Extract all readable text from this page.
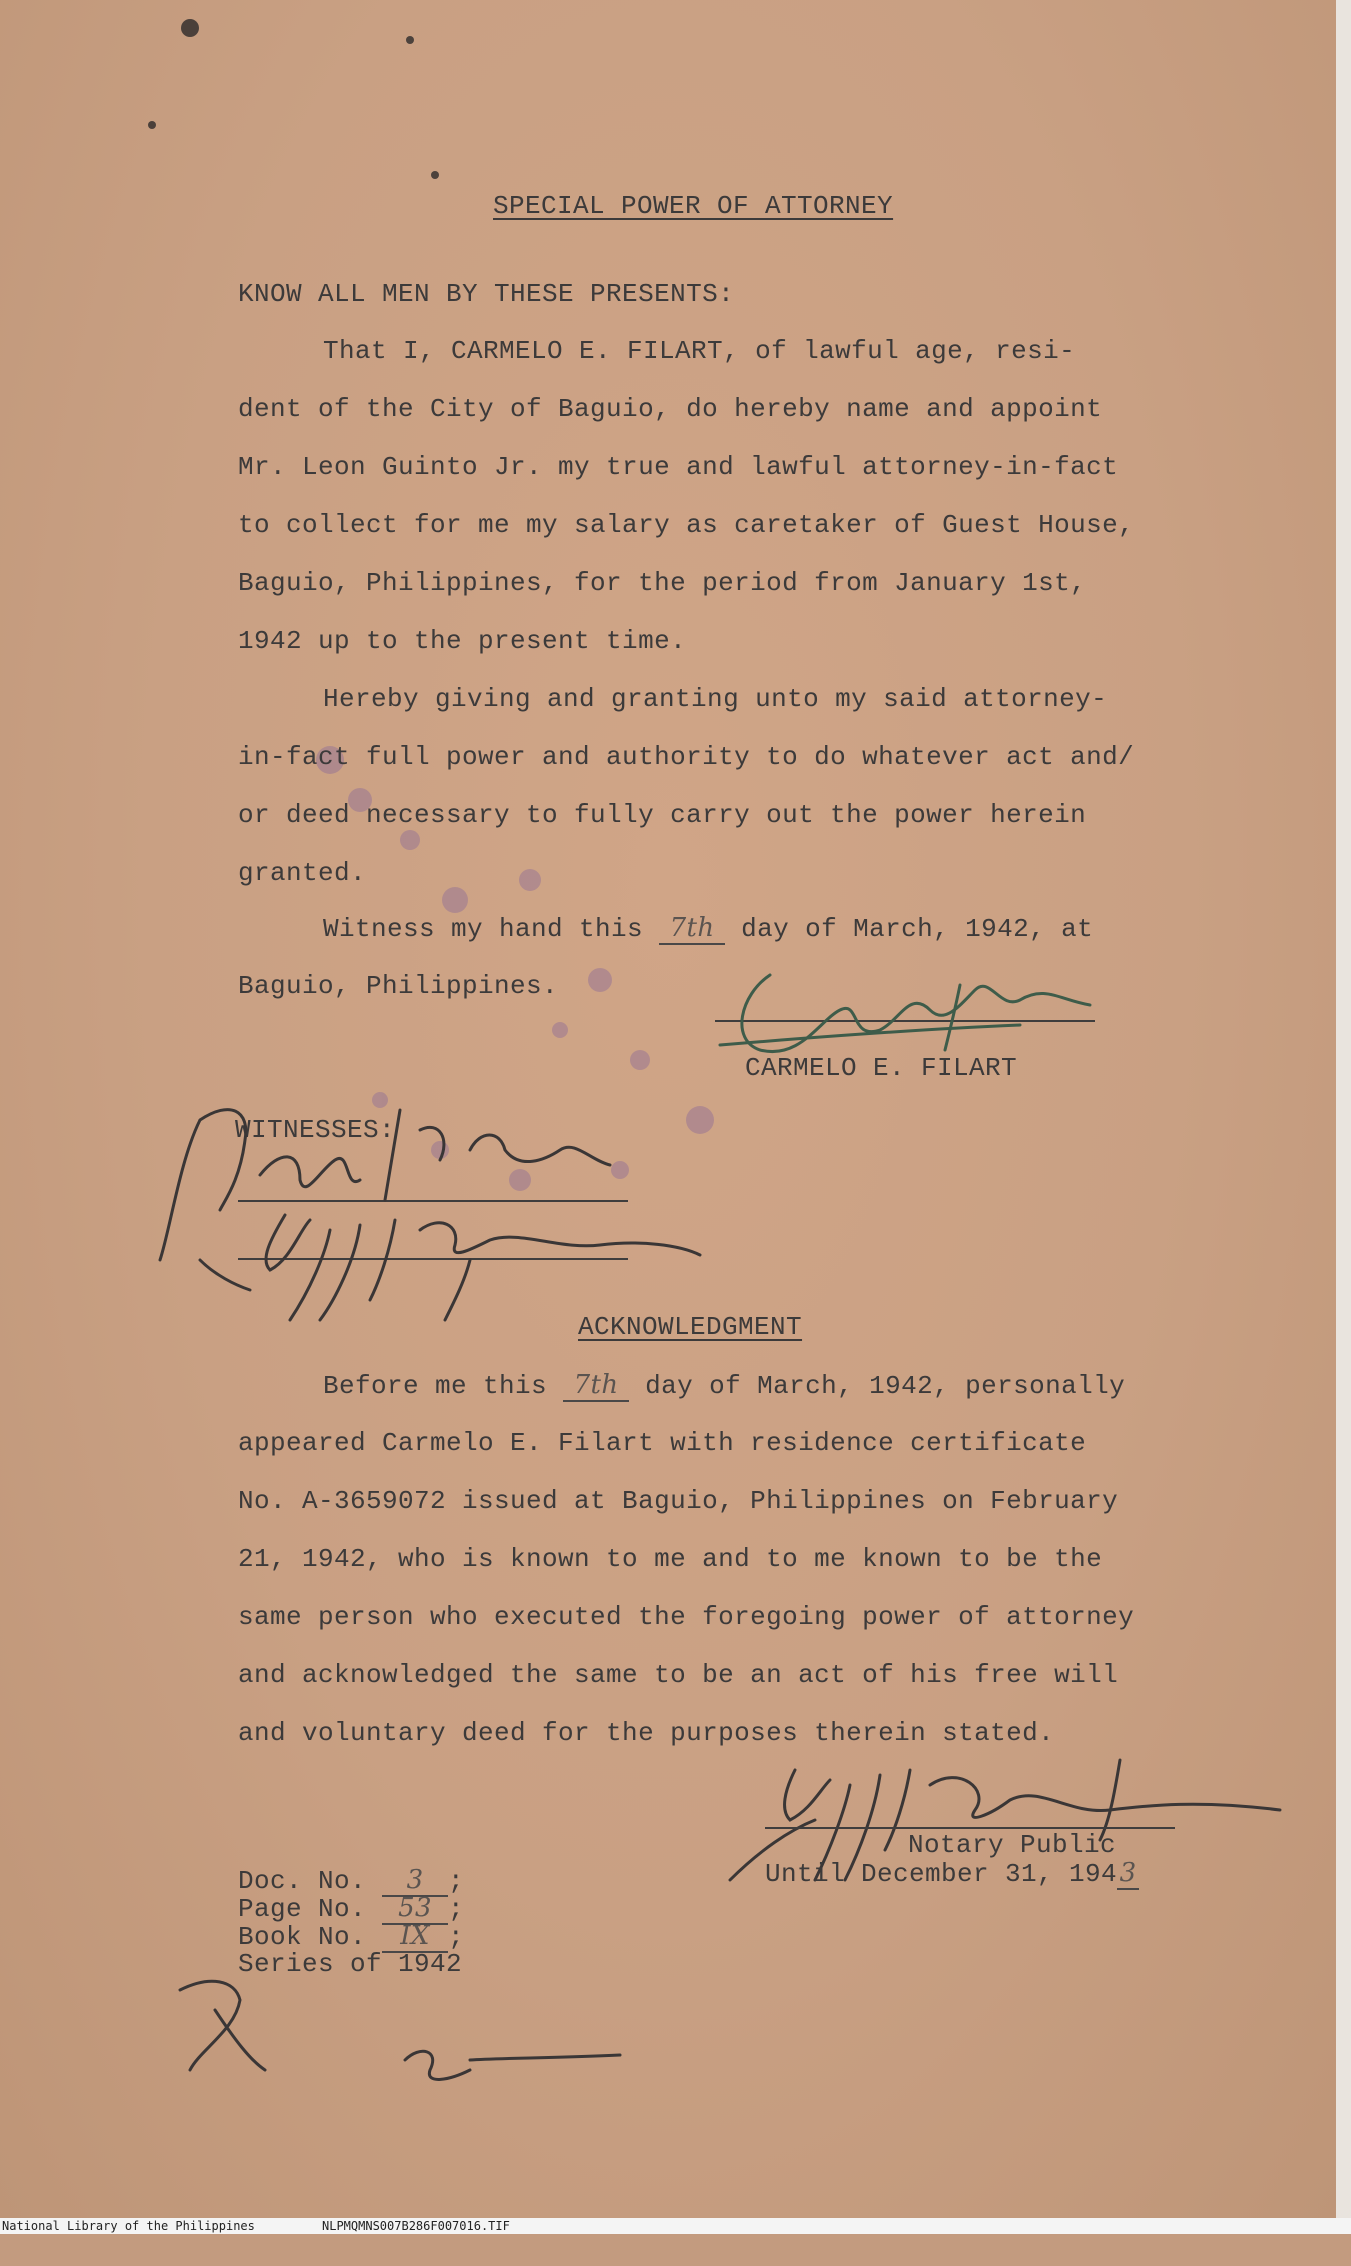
SPECIAL POWER OF ATTORNEY
KNOW ALL MEN BY THESE PRESENTS:
That I, CARMELO E. FILART, of lawful age, resi-
dent of the City of Baguio, do hereby name and appoint
Mr. Leon Guinto Jr. my true and lawful attorney-in-fact
to collect for me my salary as caretaker of Guest House,
Baguio, Philippines, for the period from January 1st,
1942 up to the present time.
Hereby giving and granting unto my said attorney-
in-fact full power and authority to do whatever act and/
or deed necessary to fully carry out the power herein
granted.
Witness my hand this 7th day of March, 1942, at
Baguio, Philippines.
CARMELO E. FILART
WITNESSES:
ACKNOWLEDGMENT
Before me this 7th day of March, 1942, personally
appeared Carmelo E. Filart with residence certificate
No. A-3659072 issued at Baguio, Philippines on February
21, 1942, who is known to me and to me known to be the
same person who executed the foregoing power of attorney
and acknowledged the same to be an act of his free will
and voluntary deed for the purposes therein stated.
Notary Public
Until December 31, 1943
Doc. No. 3 ;
Page No. 53 ;
Book No. IX ;
Series of 1942

National Library of the Philippines

	NLPMQMNS007B286F007016.TIF
